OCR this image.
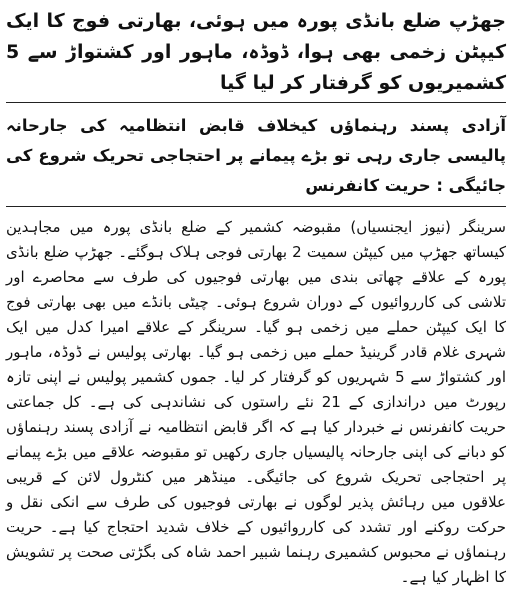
جھڑپ ضلع بانڈی پورہ میں ہوئی، بھارتی فوج کا ایک کیپٹن زخمی بھی ہوا، ڈوڈہ، ماہور اور کشتواڑ سے 5 کشمیریوں کو گرفتار کر لیا گیا

آزادی پسند رہنماؤں کیخلاف قابض انتظامیہ کی جارحانہ پالیسی جاری رہی تو بڑے پیمانے پر احتجاجی تحریک شروع کی جائیگی : حریت کانفرنس

سرینگر (نیوز ایجنسیاں) مقبوضہ کشمیر کے ضلع بانڈی پورہ میں مجاہدین کیساتھ جھڑپ میں کیپٹن سمیت 2 بھارتی فوجی ہلاک ہوگئے۔ جھڑپ ضلع بانڈی پورہ کے علاقے چھاتی بندی میں بھارتی فوجیوں کی طرف سے محاصرے اور تلاشی کی کارروائیوں کے دوران شروع ہوئی۔ چیٹی بانڈے میں بھی بھارتی فوج کا ایک کیپٹن حملے میں زخمی ہو گیا۔ سرینگر کے علاقے امیرا کدل میں ایک شہری غلام قادر گرینیڈ حملے میں زخمی ہو گیا۔ بھارتی پولیس نے ڈوڈہ، ماہور اور کشتواڑ سے 5 شہریوں کو گرفتار کر لیا۔ جموں کشمیر پولیس نے اپنی تازہ رپورٹ میں دراندازی کے 21 نئے راستوں کی نشاندہی کی ہے۔ کل جماعتی حریت کانفرنس نے خبردار کیا ہے کہ اگر قابض انتظامیہ نے آزادی پسند رہنماؤں کو دبانے کی اپنی جارحانہ پالیسیاں جاری رکھیں تو مقبوضہ علاقے میں بڑے پیمانے پر احتجاجی تحریک شروع کی جائیگی۔ مینڈھر میں کنٹرول لائن کے قریبی علاقوں میں رہائش پذیر لوگوں نے بھارتی فوجیوں کی طرف سے انکی نقل و حرکت روکنے اور تشدد کی کارروائیوں کے خلاف شدید احتجاج کیا ہے۔ حریت رہنماؤں نے محبوس کشمیری رہنما شبیر احمد شاہ کی بگڑتی صحت پر تشویش کا اظہار کیا ہے۔
